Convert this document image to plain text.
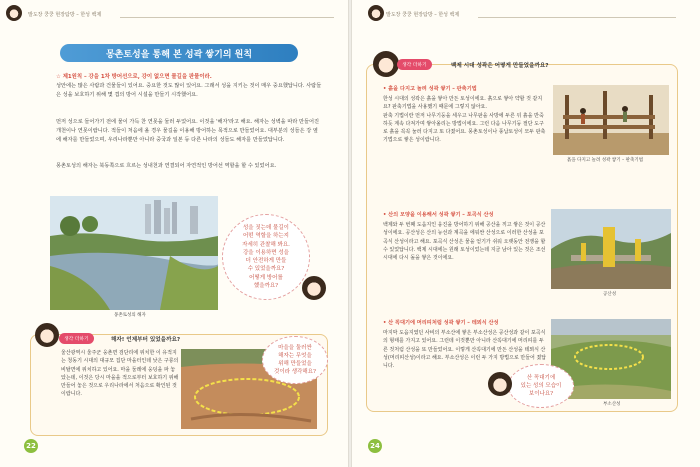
발도장 쿵쿵 현장탐방 – 한성 백제
몽촌토성을 통해 본 성곽 쌓기의 원칙
☆ 제1원칙 – 강을 1차 방어선으로, 강이 없으면 물길을 판물이라.
성안에는 많은 사람과 건물들이 있어요. 중요한 것도 많이 있어요. 그래서 성을 지키는 것이 매우 중요했답니다. 사람들은 성을 보호하기 위해 몇 겹의 방어 시설을 만들기 시작했어요.
먼저 성으로 들어가기 전에 물이 가득 찬 연못을 둘러 두었어요. 이것을 '해자'라고 해요. 해자는 성벽을 따라 만들어진 개천이나 연못이랍니다. 적들이 처음에 올 경우 물길을 이용해 방어하는 목적으로 만들었어요. 대부분의 성들은 강 옆에 해자를 만들었으며, 우리나라뿐만 아니라 중국과 일본 등 다른 나라의 성들도 해자를 만들었답니다.
몽촌토성의 해자는 북동쪽으로 흐르는 성내천과 연결되어 자연적인 방어선 역할을 할 수 있었어요.
몽촌토성의 해자
성을 짓는데 물길이
어떤 역할을 하는지
자세히 관찰해 봐요.
강을 이용하면 성을
더 안전하게 만들
수 있었을까요?
어떻게 방어를
했을까요?
생각 더하기	해자! 언제부터 있었을까요?
울산광역시 울주군 웅촌면 검단리에 위치한 이 유적지는 청동기 시대의 대규모 집단 마을터인데 낮은 구릉의 비탈면에 위치하고 있어요. 마을 둘레에 웅덩을 파 놓았는데, 이것은 당시 마을을 적으로부터 보호하기 위해 만들어 놓은 것으로 우리나라에서 처음으로 확인된 것이랍니다.
마을을 둘러싼
해자는 무엇을
위해 만들었을
것이라 생각해요?
22
발도장 쿵쿵 현장탐방 – 한성 백제
생각 더하기	백제 시대 성곽은 어떻게 만들었을까요?
• 흙을 다지고 놀려 성곽 쌓기 – 판축기법
한성 시대의 성곽은 흙을 쌓아 만든 토성이에요. 흙으로 쌓아 약할 것 같지요? 판축기법을 사용했기 때문에 그렇지 않아요.
판축 기법이란 먼저 나무기둥을 세우고 나무판을 사방에 두른 뒤 흙을 반죽하듯 계속 다져가며 쌓아올리는 방법이에요. 그런 다음 나무기둥 절단 도구로 흙을 꼭꼭 눌러 다지고 또 다졌어요. 몽촌토성이나 풍납토성이 모두 판축기법으로 쌓은 성이랍니다.
흙을 다지고 놀려 성곽 쌓기 – 판축기법
• 산의 모양을 이용해서 성곽 쌓기 – 포곡식 산성
백제와 두 번째 도읍지인 웅진을 방어하기 위해 공산을 끼고 쌓은 것이 공산성이에요. 공산성은 산의 능선과 계곡을 에워싼 산성으로 이러한 산성을 포곡식 산성이라고 해요. 포곡식 산성은 물을 얻기가 쉬워 오랫동안 전쟁을 할 수 있었답니다. 백제 시대에는 원래 토성이었는데 지금 남아 있는 것은 조선 시대에 다시 돌을 쌓은 것이에요.
공산성
• 산 꼭대기에 머리띠처럼 성곽 쌓기 – 테뫼식 산성
마지막 도읍지였던 사비의 부소산에 쌓은 부소산성은 공산성과 같이 포곡식의 형태를 가지고 있어요. 그런데 이것뿐만 아니라 산꼭대기에 머리띠를 두른 것처럼 산성을 또 만들었어요. 이렇게 산꼭대기에 만든 산성을 테뫼식 산성(머리띠산성)이라고 해요. 부소산성은 이런 두 가지 방법으로 만들어 졌답니다.
부소산성
산 꼭대기에
있는 성의 모습이
보이나요?
24
